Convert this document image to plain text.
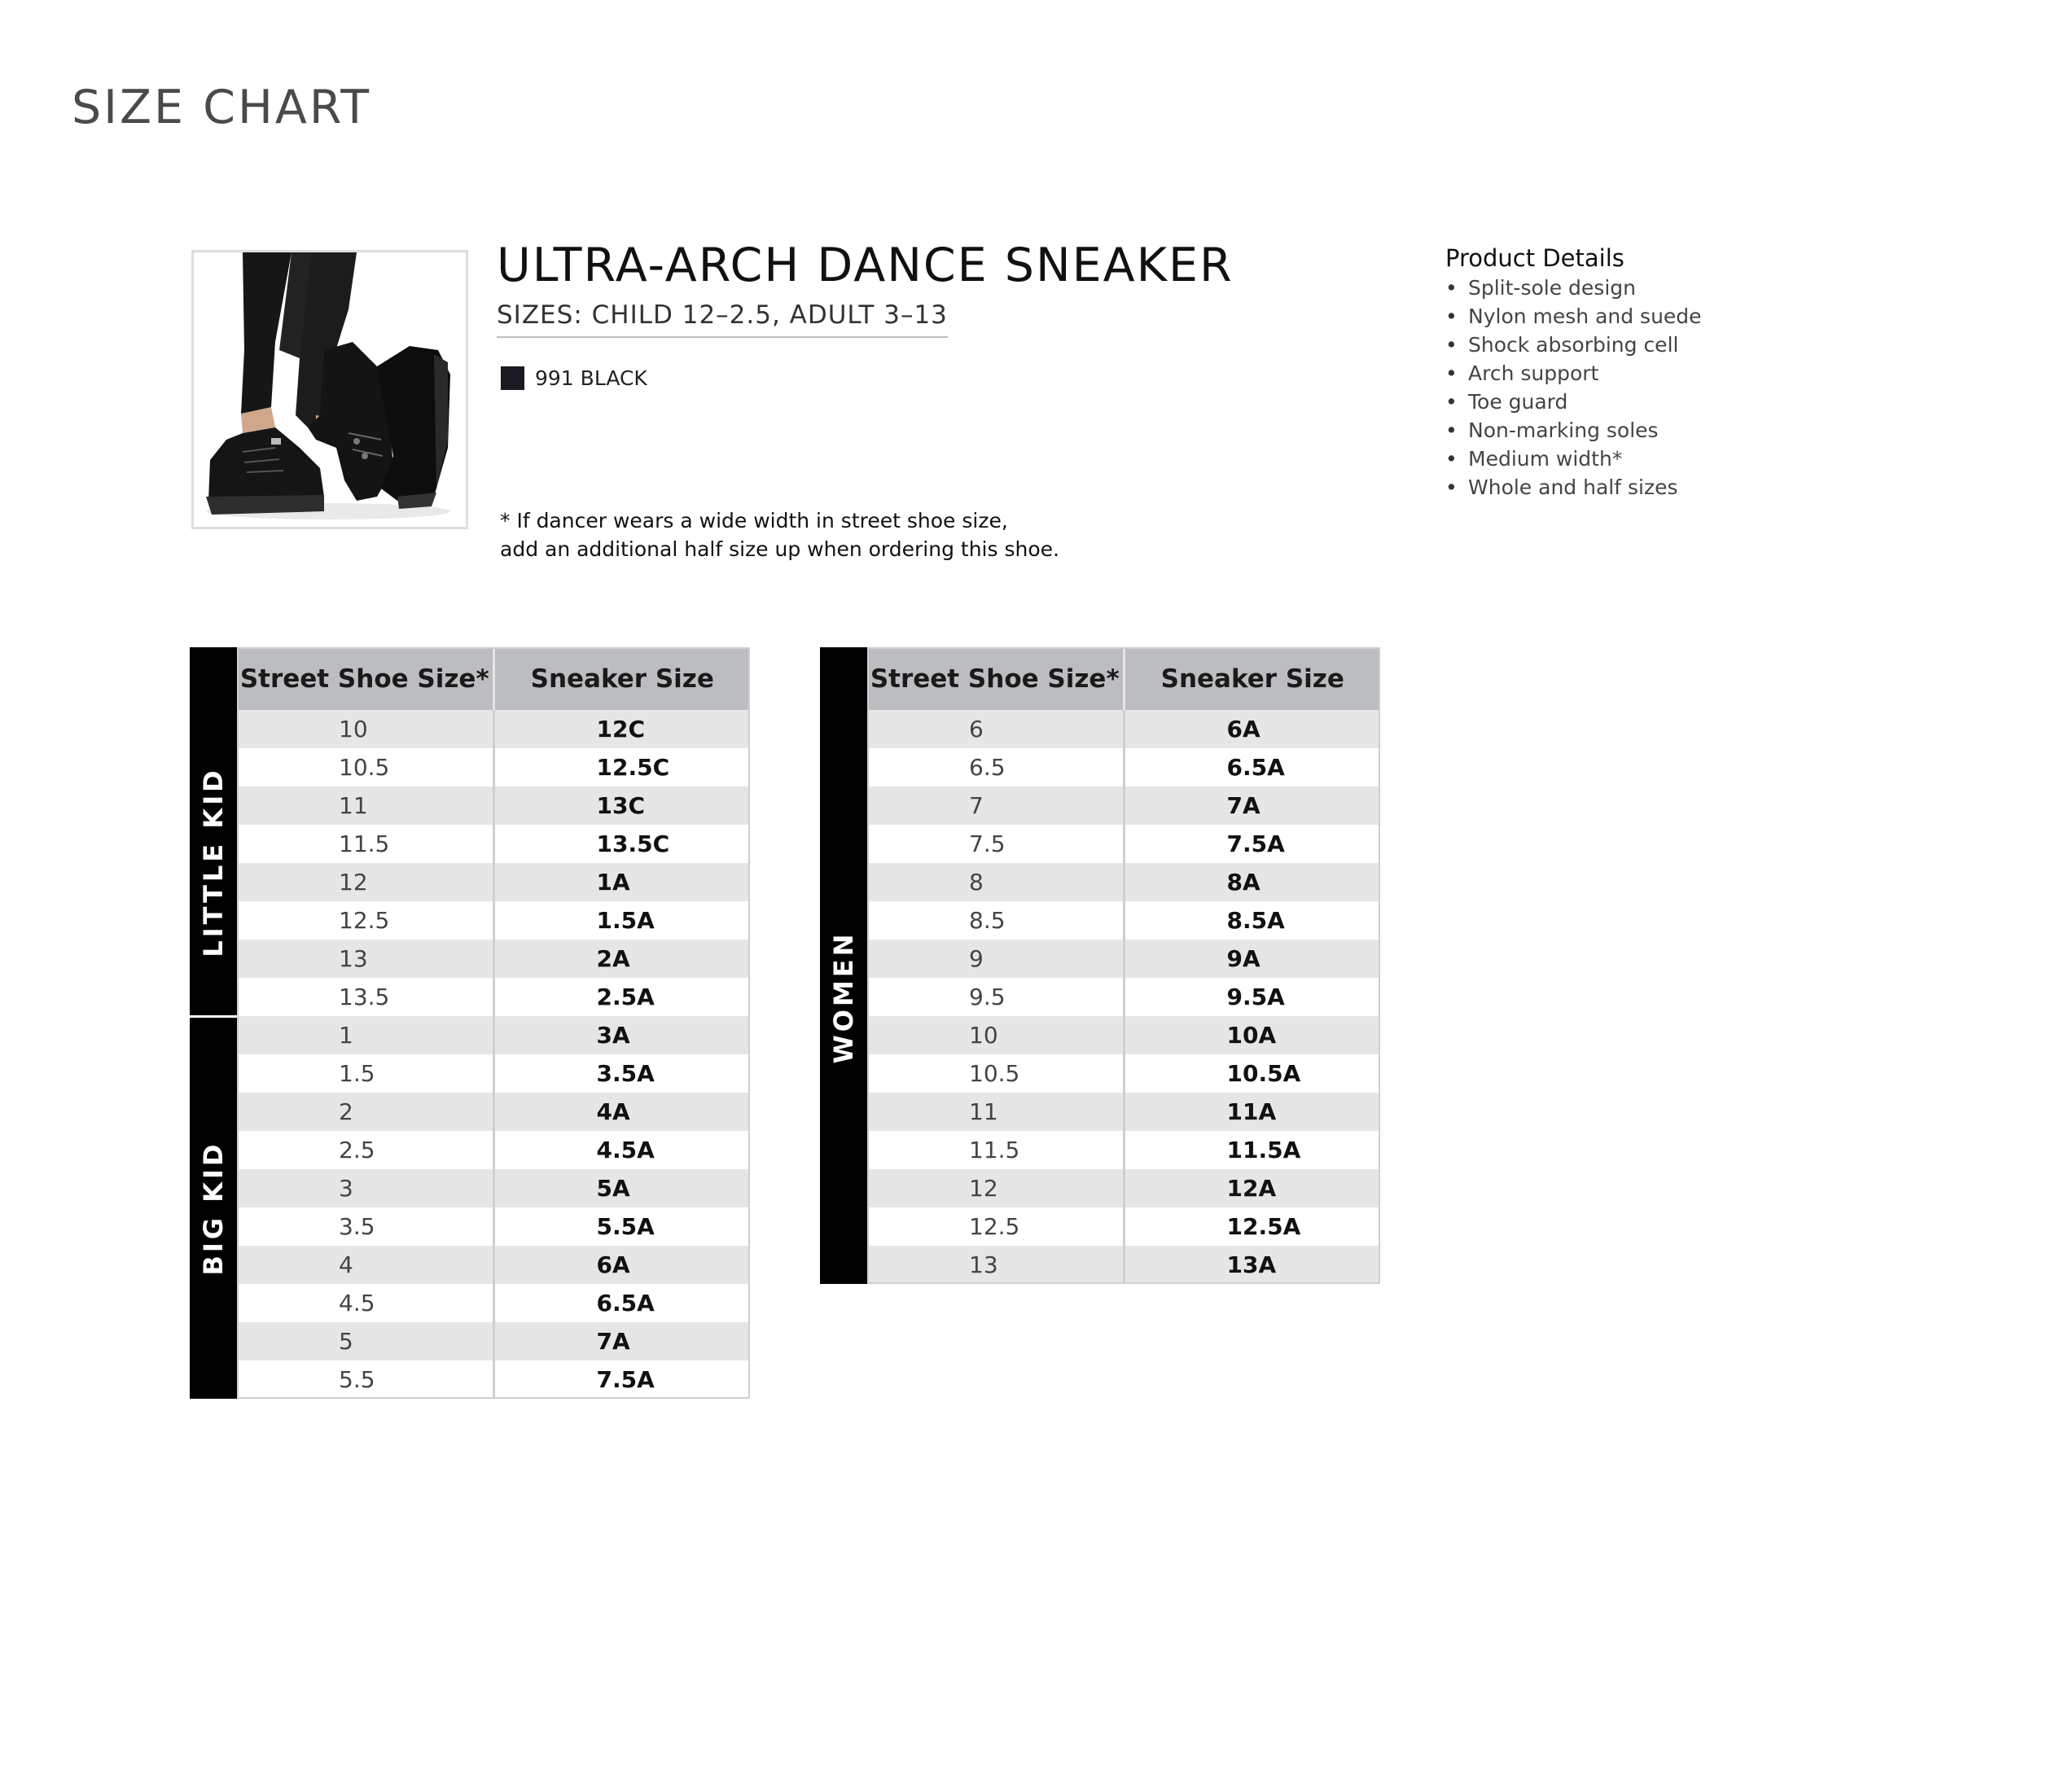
SIZE CHART
ULTRA-ARCH DANCE SNEAKER
SIZES: CHILD 12–2.5, ADULT 3–13
991 BLACK
* If dancer wears a wide width in street shoe size,
add an additional half size up when ordering this shoe.
Product Details
• Split-sole design
• Nylon mesh and suede
• Shock absorbing cell
• Arch support
• Toe guard
• Non-marking soles
• Medium width*
• Whole and half sizes
	Street Shoe Size*	Sneaker Size

LITTLE KID	10	12C
	10.5	12.5C
	11	13C
	11.5	13.5C
	12	1A
	12.5	1.5A
	13	2A
	13.5	2.5A

BIG KID	1	3A
	1.5	3.5A
	2	4A
	2.5	4.5A
	3	5A
	3.5	5.5A
	4	6A
	4.5	6.5A
	5	7A
	5.5	7.5A
	Street Shoe Size*	Sneaker Size

WOMEN	6	6A
	6.5	6.5A
	7	7A
	7.5	7.5A
	8	8A
	8.5	8.5A
	9	9A
	9.5	9.5A
	10	10A
	10.5	10.5A
	11	11A
	11.5	11.5A
	12	12A
	12.5	12.5A
	13	13A
